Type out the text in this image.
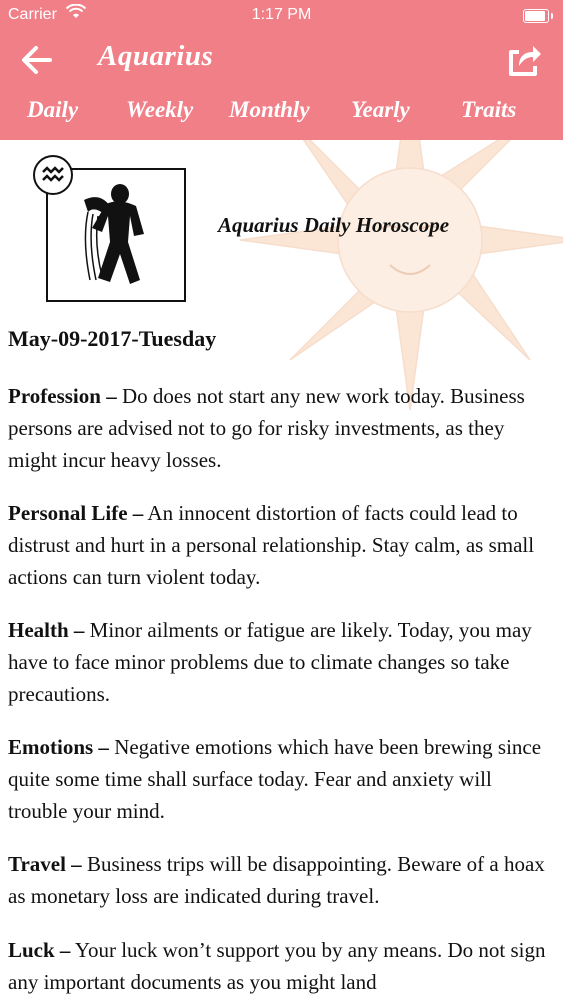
Carrier	1:17 PM
Aquarius
Daily Weekly Monthly Yearly Traits
Aquarius Daily Horoscope
May-09-2017-Tuesday
Profession – Do does not start any new work today. Business persons are advised not to go for risky investments, as they might incur heavy losses.
Personal Life – An innocent distortion of facts could lead to distrust and hurt in a personal relationship. Stay calm, as small actions can turn violent today.
Health – Minor ailments or fatigue are likely. Today, you may have to face minor problems due to climate changes so take precautions.
Emotions – Negative emotions which have been brewing since quite some time shall surface today. Fear and anxiety will trouble your mind.
Travel – Business trips will be disappointing. Beware of a hoax as monetary loss are indicated during travel.
Luck – Your luck won’t support you by any means. Do not sign any important documents as you might land
